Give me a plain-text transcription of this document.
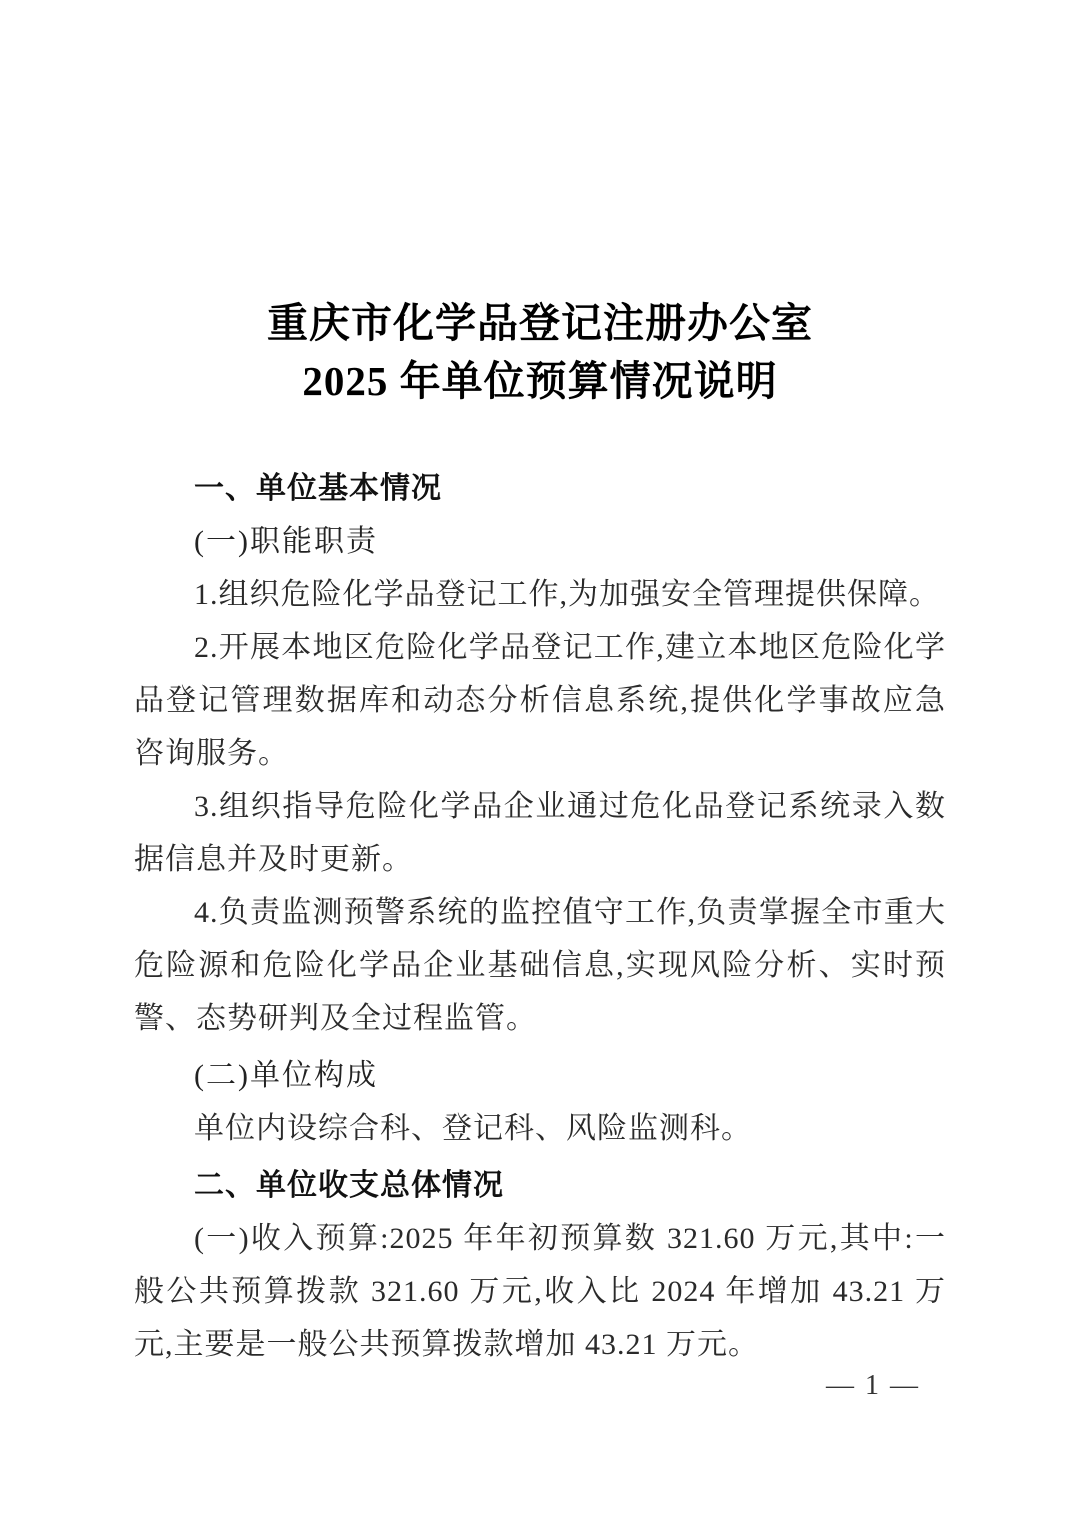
重庆市化学品登记注册办公室
2025 年单位预算情况说明
一、单位基本情况
(一)职能职责

1.组织危险化学品登记工作,为加强安全管理提供保障。

2.开展本地区危险化学品登记工作,建立本地区危险化学品登记管理数据库和动态分析信息系统,提供化学事故应急咨询服务。

3.组织指导危险化学品企业通过危化品登记系统录入数据信息并及时更新。

4.负责监测预警系统的监控值守工作,负责掌握全市重大危险源和危险化学品企业基础信息,实现风险分析、实时预警、态势研判及全过程监管。

(二)单位构成

单位内设综合科、登记科、风险监测科。

二、单位收支总体情况

(一)收入预算:2025 年年初预算数 321.60 万元,其中:一般公共预算拨款 321.60 万元,收入比 2024 年增加 43.21 万元,主要是一般公共预算拨款增加 43.21 万元。

— 1 —
